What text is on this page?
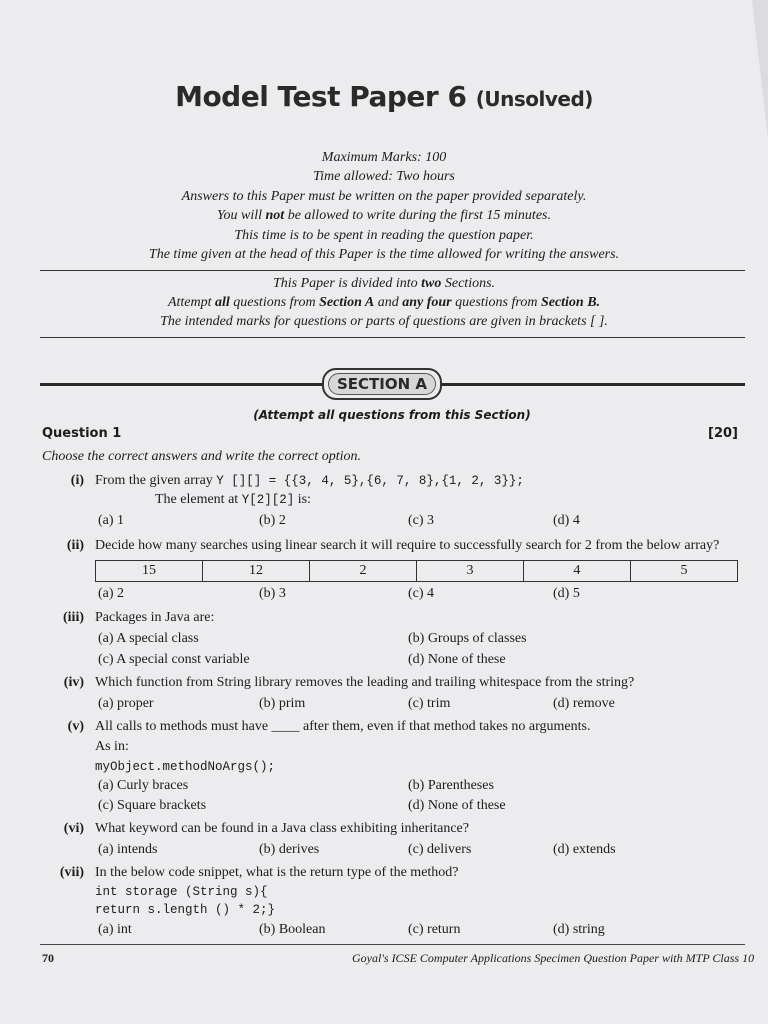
Model Test Paper 6 (Unsolved)
Maximum Marks: 100
Time allowed: Two hours
Answers to this Paper must be written on the paper provided separately.
You will not be allowed to write during the first 15 minutes.
This time is to be spent in reading the question paper.
The time given at the head of this Paper is the time allowed for writing the answers.
This Paper is divided into two Sections.
Attempt all questions from Section A and any four questions from Section B.
The intended marks for questions or parts of questions are given in brackets [ ].
SECTION A
(Attempt all questions from this Section)
Question 1	[20]
Choose the correct answers and write the correct option.
(i) From the given array Y [][] = {{3, 4, 5},{6, 7, 8},{1, 2, 3}};
The element at Y[2][2] is:
(a) 1	(b) 2	(c) 3	(d) 4
(ii) Decide how many searches using linear search it will require to successfully search for 2 from the below array?
15	12	2	3	4	5
(a) 2	(b) 3	(c) 4	(d) 5
(iii) Packages in Java are:
(a) A special class	(b) Groups of classes
(c) A special const variable	(d) None of these
(iv) Which function from String library removes the leading and trailing whitespace from the string?
(a) proper	(b) prim	(c) trim	(d) remove
(v) All calls to methods must have ____ after them, even if that method takes no arguments.
As in:
myObject.methodNoArgs();
(a) Curly braces	(b) Parentheses
(c) Square brackets	(d) None of these
(vi) What keyword can be found in a Java class exhibiting inheritance?
(a) intends	(b) derives	(c) delivers	(d) extends
(vii) In the below code snippet, what is the return type of the method?
int storage (String s){
return s.length () * 2;}
(a) int	(b) Boolean	(c) return	(d) string
70	Goyal's ICSE Computer Applications Specimen Question Paper with MTP Class 10
